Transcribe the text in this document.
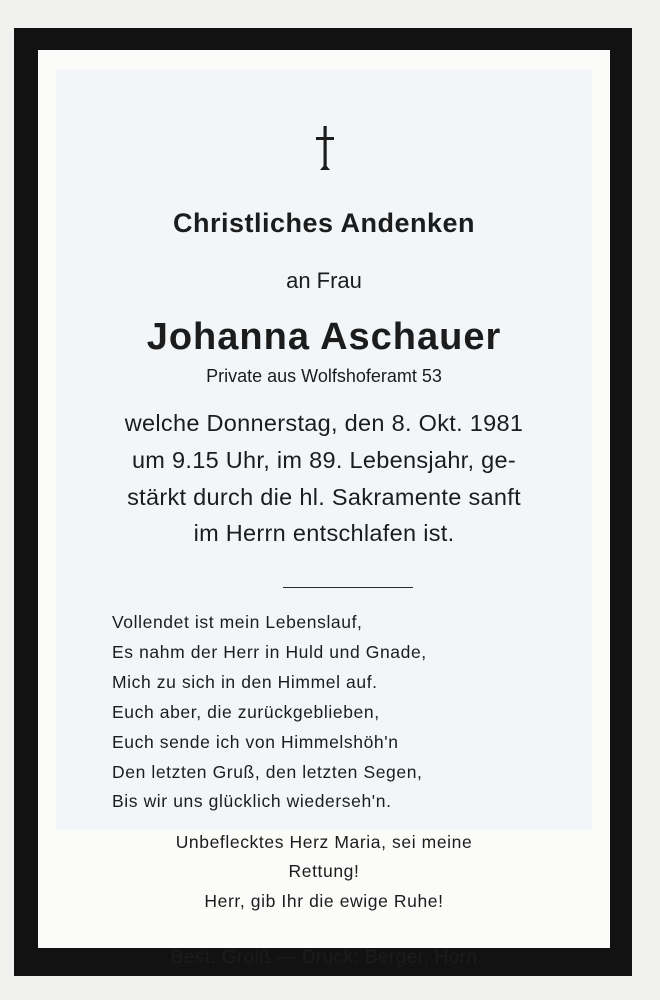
Christliches Andenken
an Frau
Johanna Aschauer
Private aus Wolfshoferamt 53
welche Donnerstag, den 8. Okt. 1981
um 9.15 Uhr, im 89. Lebensjahr, ge-
stärkt durch die hl. Sakramente sanft
im Herrn entschlafen ist.
Vollendet ist mein Lebenslauf,
Es nahm der Herr in Huld und Gnade,
Mich zu sich in den Himmel auf.
Euch aber, die zurückgeblieben,
Euch sende ich von Himmelshöh'n
Den letzten Gruß, den letzten Segen,
Bis wir uns glücklich wiederseh'n.
Unbeflecktes Herz Maria, sei meine
Rettung!
Herr, gib Ihr die ewige Ruhe!
Best. Groiß — Druck: Berger, Horn
